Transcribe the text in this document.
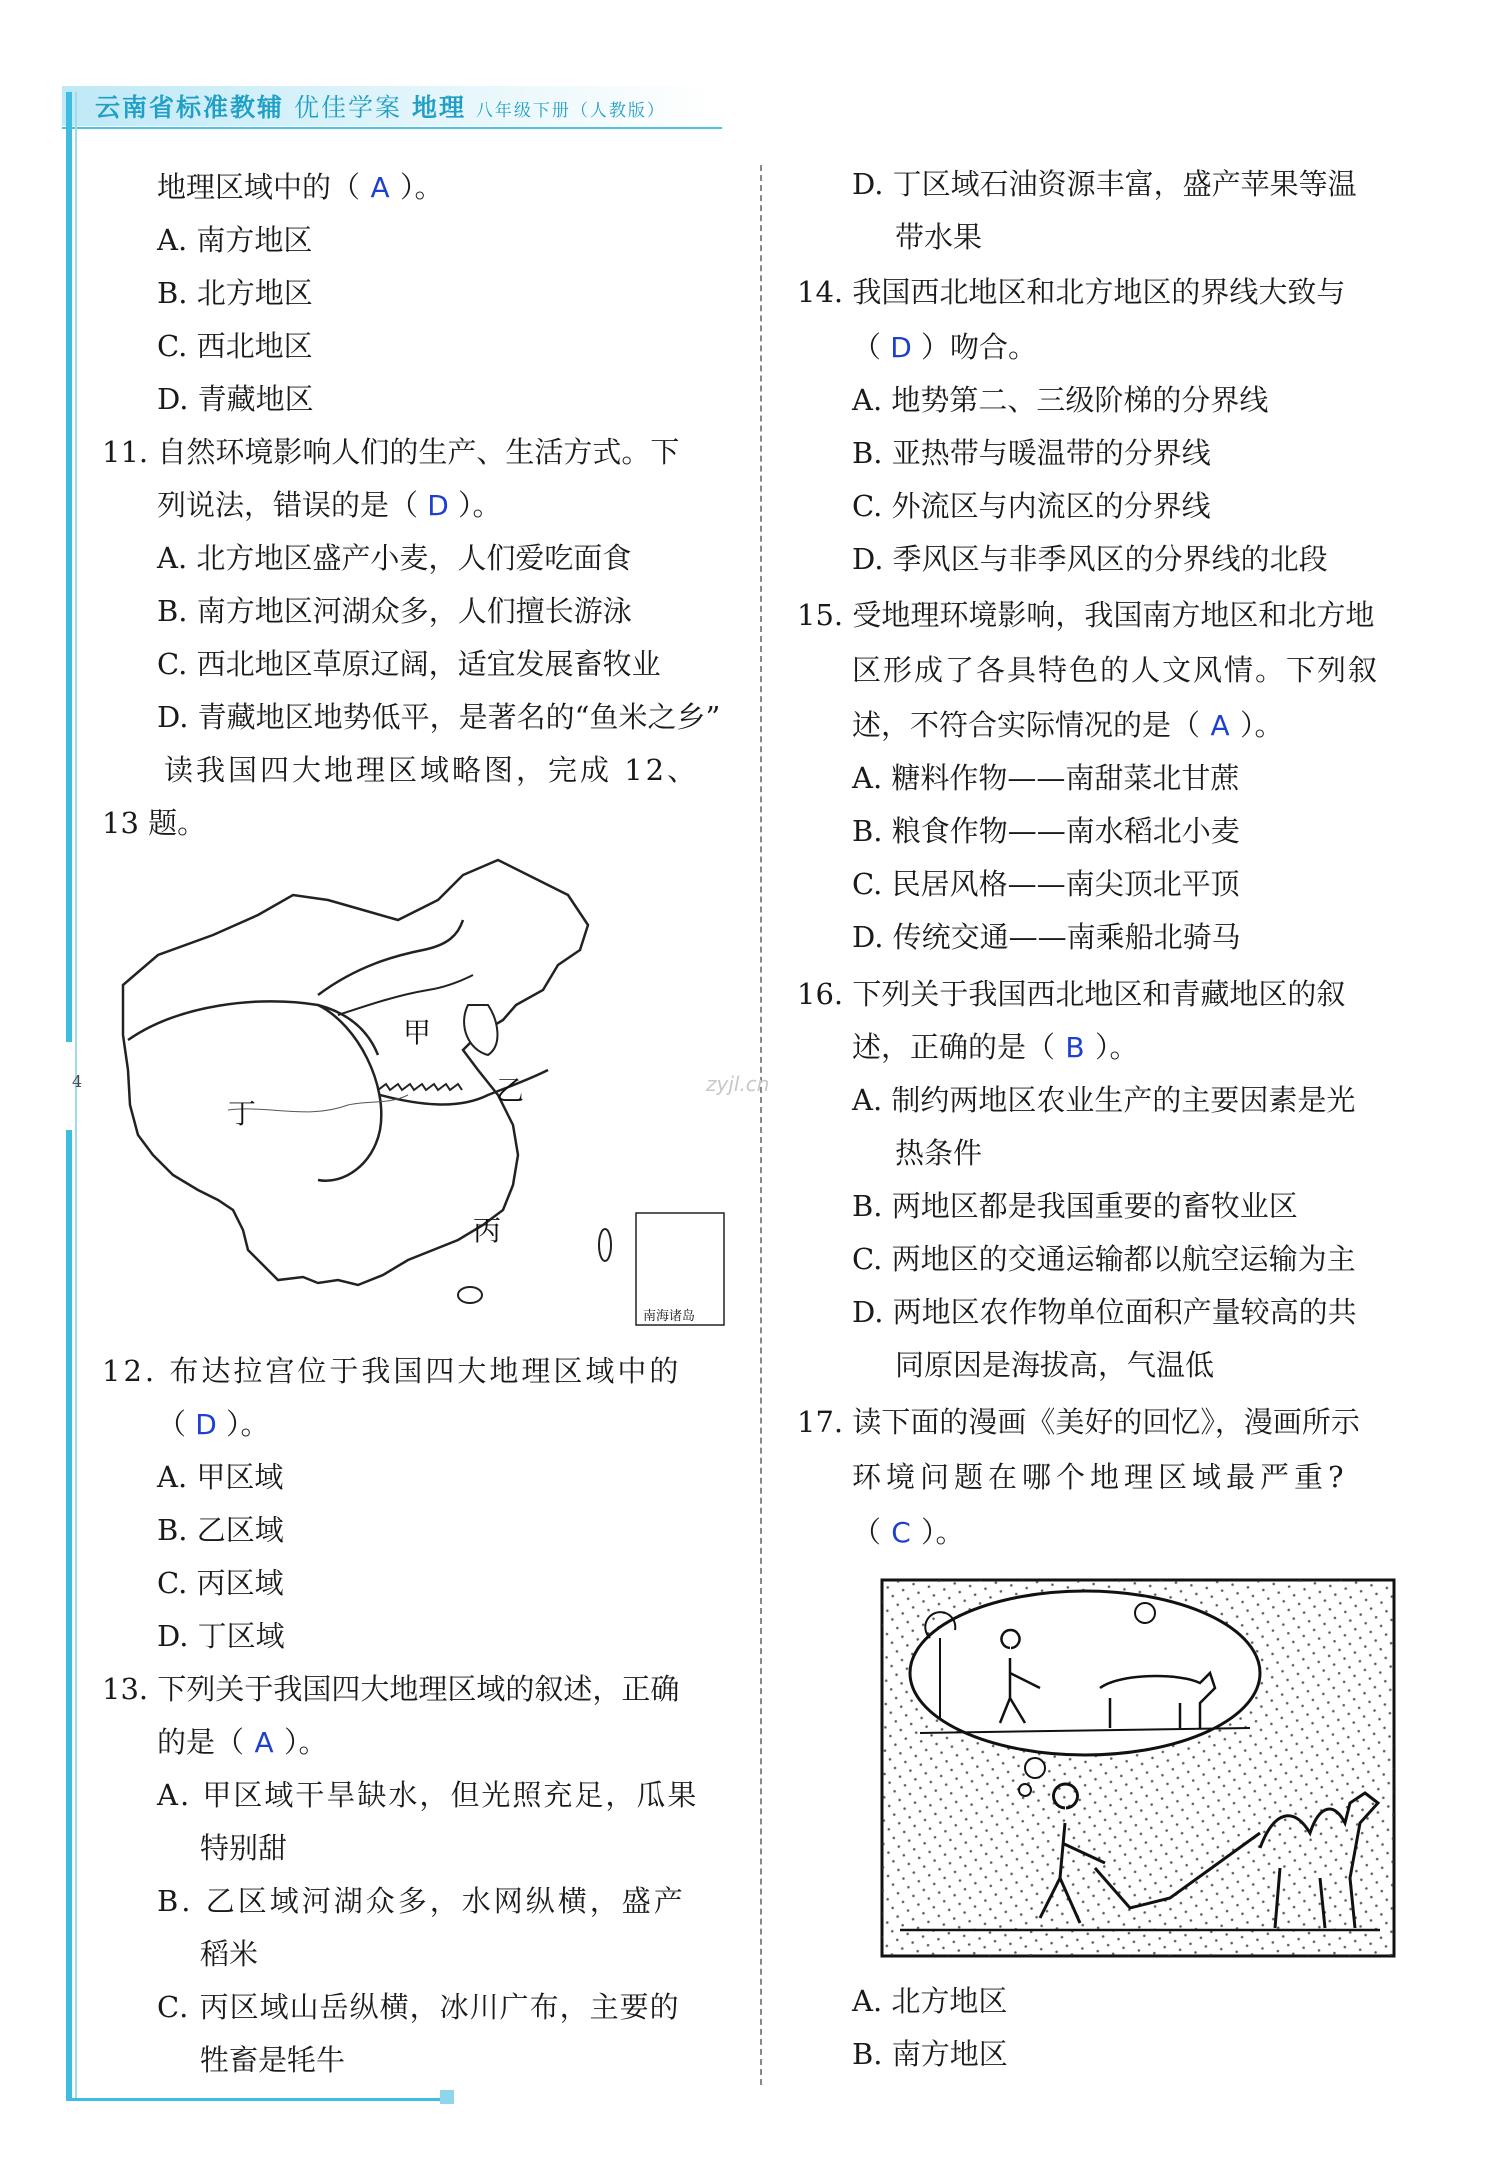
云南省标准教辅 优佳学案 地理 八年级下册（人教版）
4	zyjl.cn
地理区域中的（ A ）。
A. 南方地区
B. 北方地区
C. 西北地区
D. 青藏地区
11. 自然环境影响人们的生产、生活方式。下
列说法，错误的是（ D ）。
A. 北方地区盛产小麦，人们爱吃面食
B. 南方地区河湖众多，人们擅长游泳
C. 西北地区草原辽阔，适宜发展畜牧业
D. 青藏地区地势低平，是著名的“鱼米之乡”
读我国四大地理区域略图，完成 12、
13 题。
甲
乙
丁
丙
南海诸岛
12. 布达拉宫位于我国四大地理区域中的
（ D ）。
A. 甲区域
B. 乙区域
C. 丙区域
D. 丁区域
13. 下列关于我国四大地理区域的叙述，正确
的是（ A ）。
A. 甲区域干旱缺水，但光照充足，瓜果
特别甜
B. 乙区域河湖众多，水网纵横，盛产
稻米
C. 丙区域山岳纵横，冰川广布，主要的
牲畜是牦牛
D. 丁区域石油资源丰富，盛产苹果等温
带水果
14. 我国西北地区和北方地区的界线大致与
（ D ）吻合。
A. 地势第二、三级阶梯的分界线
B. 亚热带与暖温带的分界线
C. 外流区与内流区的分界线
D. 季风区与非季风区的分界线的北段
15. 受地理环境影响，我国南方地区和北方地
区形成了各具特色的人文风情。下列叙
述，不符合实际情况的是（ A ）。
A. 糖料作物——南甜菜北甘蔗
B. 粮食作物——南水稻北小麦
C. 民居风格——南尖顶北平顶
D. 传统交通——南乘船北骑马
16. 下列关于我国西北地区和青藏地区的叙
述，正确的是（ B ）。
A. 制约两地区农业生产的主要因素是光
热条件
B. 两地区都是我国重要的畜牧业区
C. 两地区的交通运输都以航空运输为主
D. 两地区农作物单位面积产量较高的共
同原因是海拔高，气温低
17. 读下面的漫画《美好的回忆》，漫画所示
环境问题在哪个地理区域最严重?
（ C ）。
A. 北方地区
B. 南方地区
